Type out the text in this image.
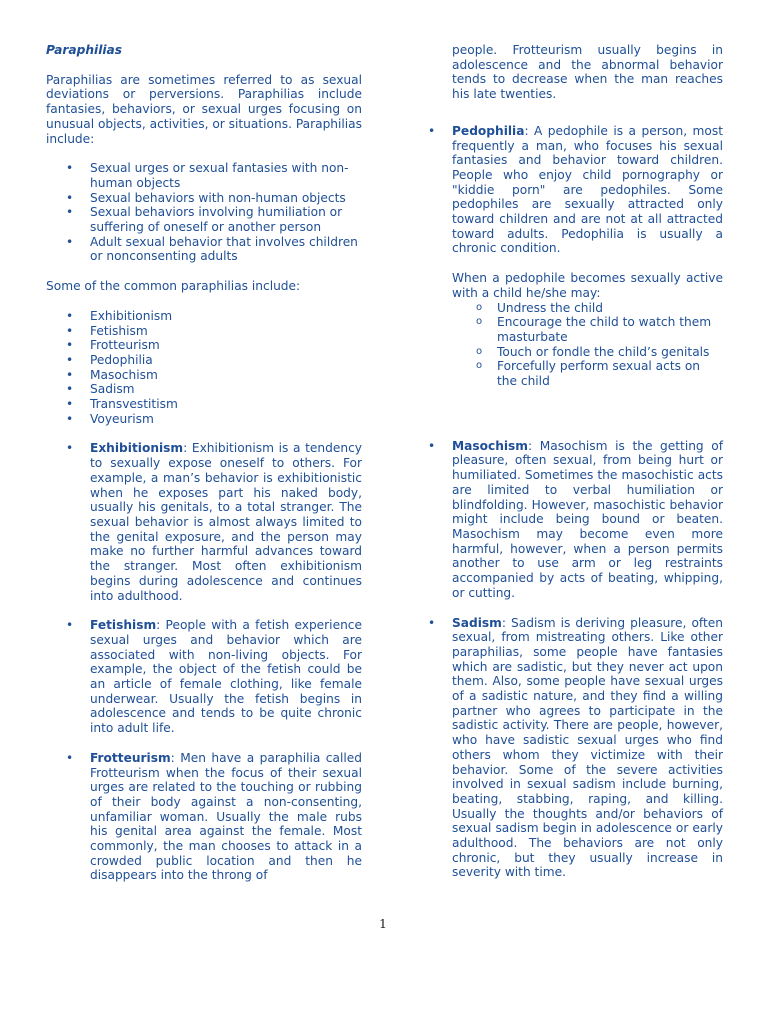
Paraphilias

Paraphilias are sometimes referred to as sexual deviations or perversions. Paraphilias include fantasies, behaviors, or sexual urges focusing on unusual objects, activities, or situations. Paraphilias include:

• Sexual urges or sexual fantasies with non-human objects
• Sexual behaviors with non-human objects
• Sexual behaviors involving humiliation or suffering of oneself or another person
• Adult sexual behavior that involves children or nonconsenting adults

Some of the common paraphilias include:

• Exhibitionism
• Fetishism
• Frotteurism
• Pedophilia
• Masochism
• Sadism
• Transvestitism
• Voyeurism
• Exhibitionism: Exhibitionism is a tendency to sexually expose oneself to others. For example, a man’s behavior is exhibitionistic when he exposes part his naked body, usually his genitals, to a total stranger. The sexual behavior is almost always limited to the genital exposure, and the person may make no further harmful advances toward the stranger. Most often exhibitionism begins during adolescence and continues into adulthood.
• Fetishism: People with a fetish experience sexual urges and behavior which are associated with non-living objects. For example, the object of the fetish could be an article of female clothing, like female underwear. Usually the fetish begins in adolescence and tends to be quite chronic into adult life.
• Frotteurism: Men have a paraphilia called Frotteurism when the focus of their sexual urges are related to the touching or rubbing of their body against a non-consenting, unfamiliar woman. Usually the male rubs his genital area against the female. Most commonly, the man chooses to attack in a crowded public location and then he disappears into the throng of

people. Frotteurism usually begins in adolescence and the abnormal behavior tends to decrease when the man reaches his late twenties.

• Pedophilia: A pedophile is a person, most frequently a man, who focuses his sexual fantasies and behavior toward children. People who enjoy child pornography or "kiddie porn" are pedophiles. Some pedophiles are sexually attracted only toward children and are not at all attracted toward adults. Pedophilia is usually a chronic condition.

When a pedophile becomes sexually active with a child he/she may:

o Undress the child
o Encourage the child to watch them masturbate
o Touch or fondle the child’s genitals
o Forcefully perform sexual acts on the child
• Masochism: Masochism is the getting of pleasure, often sexual, from being hurt or humiliated. Sometimes the masochistic acts are limited to verbal humiliation or blindfolding. However, masochistic behavior might include being bound or beaten. Masochism may become even more harmful, however, when a person permits another to use arm or leg restraints accompanied by acts of beating, whipping, or cutting.
• Sadism: Sadism is deriving pleasure, often sexual, from mistreating others. Like other paraphilias, some people have fantasies which are sadistic, but they never act upon them. Also, some people have sexual urges of a sadistic nature, and they find a willing partner who agrees to participate in the sadistic activity. There are people, however, who have sadistic sexual urges who find others whom they victimize with their behavior. Some of the severe activities involved in sexual sadism include burning, beating, stabbing, raping, and killing. Usually the thoughts and/or behaviors of sexual sadism begin in adolescence or early adulthood. The behaviors are not only chronic, but they usually increase in severity with time.
1
